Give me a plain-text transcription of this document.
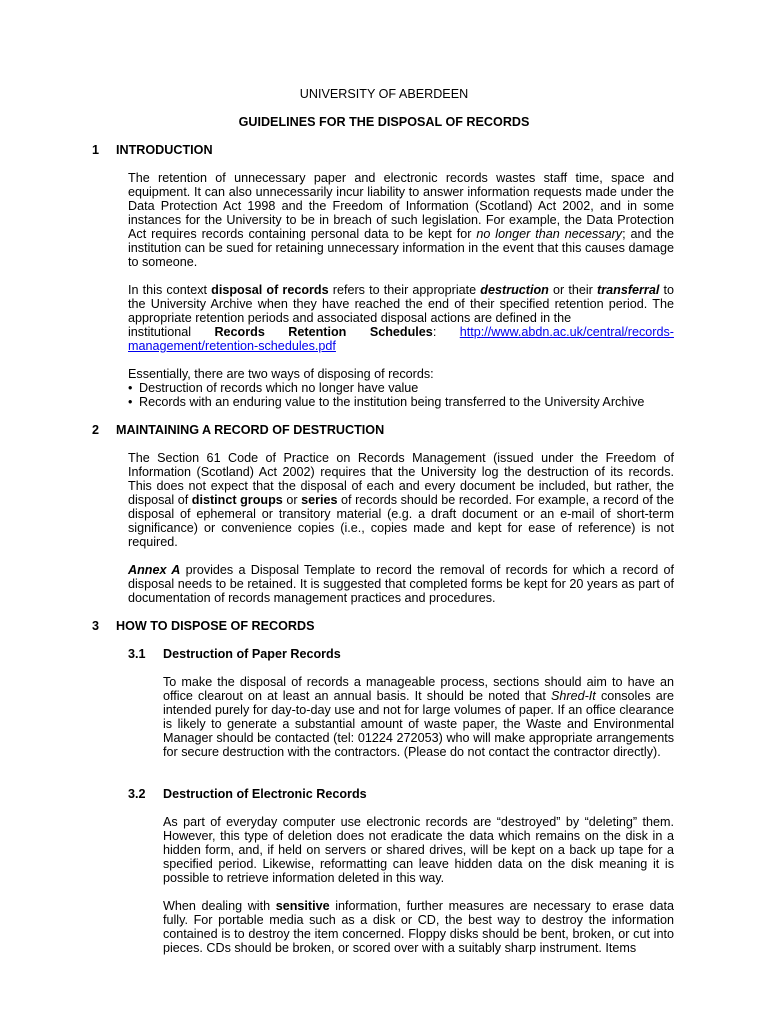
UNIVERSITY OF ABERDEEN
GUIDELINES FOR THE DISPOSAL OF RECORDS
1 INTRODUCTION
The retention of unnecessary paper and electronic records wastes staff time, space and equipment. It can also unnecessarily incur liability to answer information requests made under the Data Protection Act 1998 and the Freedom of Information (Scotland) Act 2002, and in some instances for the University to be in breach of such legislation. For example, the Data Protection Act requires records containing personal data to be kept for no longer than necessary; and the institution can be sued for retaining unnecessary information in the event that this causes damage to someone.
In this context disposal of records refers to their appropriate destruction or their transferral to the University Archive when they have reached the end of their specified retention period. The appropriate retention periods and associated disposal actions are defined in the
institutional Records Retention Schedules: http://www.abdn.ac.uk/central/records-
management/retention-schedules.pdf
Essentially, there are two ways of disposing of records:
• Destruction of records which no longer have value
• Records with an enduring value to the institution being transferred to the University Archive
2 MAINTAINING A RECORD OF DESTRUCTION
The Section 61 Code of Practice on Records Management (issued under the Freedom of Information (Scotland) Act 2002) requires that the University log the destruction of its records. This does not expect that the disposal of each and every document be included, but rather, the disposal of distinct groups or series of records should be recorded. For example, a record of the disposal of ephemeral or transitory material (e.g. a draft document or an e-mail of short-term significance) or convenience copies (i.e., copies made and kept for ease of reference) is not required.
Annex A provides a Disposal Template to record the removal of records for which a record of disposal needs to be retained. It is suggested that completed forms be kept for 20 years as part of documentation of records management practices and procedures.
3 HOW TO DISPOSE OF RECORDS
3.1 Destruction of Paper Records
To make the disposal of records a manageable process, sections should aim to have an office clearout on at least an annual basis. It should be noted that Shred-It consoles are intended purely for day-to-day use and not for large volumes of paper. If an office clearance is likely to generate a substantial amount of waste paper, the Waste and Environmental Manager should be contacted (tel: 01224 272053) who will make appropriate arrangements for secure destruction with the contractors. (Please do not contact the contractor directly).
3.2 Destruction of Electronic Records
As part of everyday computer use electronic records are “destroyed” by “deleting” them. However, this type of deletion does not eradicate the data which remains on the disk in a hidden form, and, if held on servers or shared drives, will be kept on a back up tape for a specified period. Likewise, reformatting can leave hidden data on the disk meaning it is possible to retrieve information deleted in this way.
When dealing with sensitive information, further measures are necessary to erase data fully. For portable media such as a disk or CD, the best way to destroy the information contained is to destroy the item concerned. Floppy disks should be bent, broken, or cut into pieces. CDs should be broken, or scored over with a suitably sharp instrument. Items
